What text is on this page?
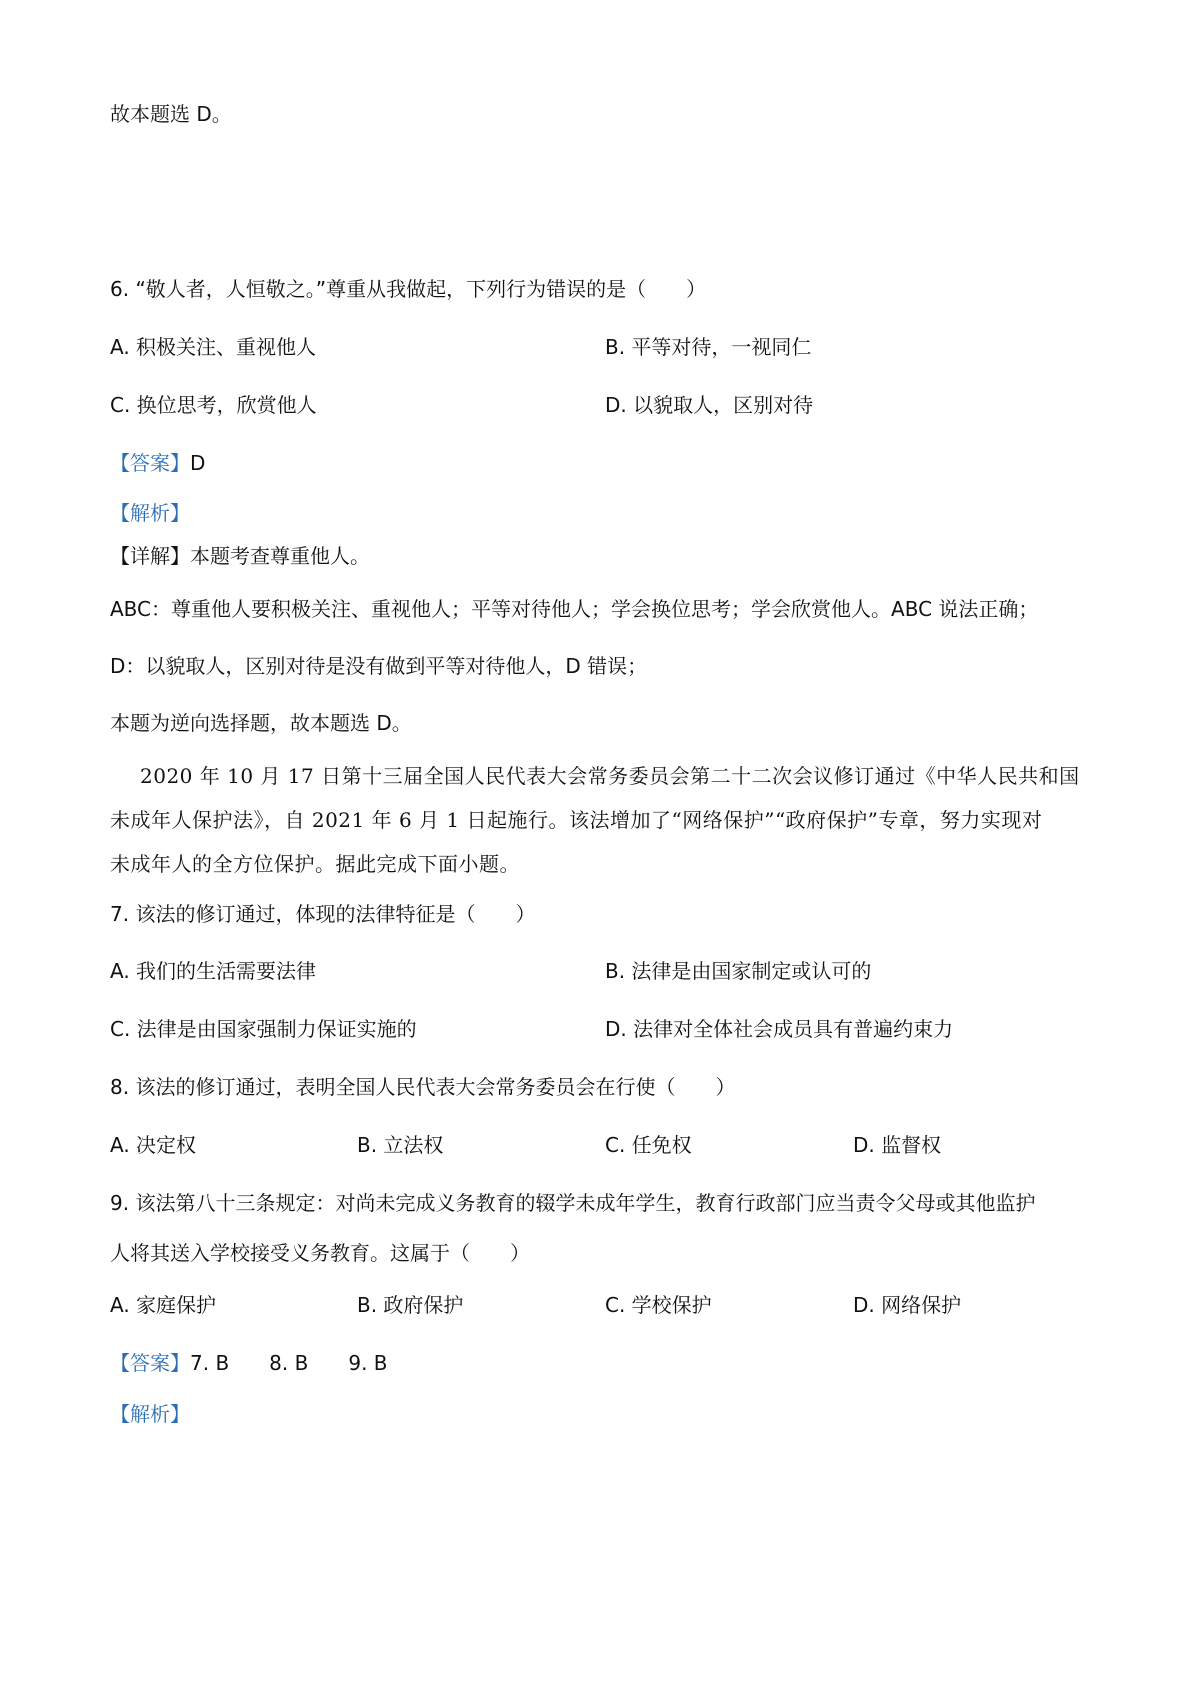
故本题选 D。
6. “敬人者，人恒敬之。”尊重从我做起，下列行为错误的是（　　）
A. 积极关注、重视他人	B. 平等对待，一视同仁
C. 换位思考，欣赏他人	D. 以貌取人，区别对待
【答案】D
【解析】
【详解】本题考查尊重他人。
ABC：尊重他人要积极关注、重视他人；平等对待他人；学会换位思考；学会欣赏他人。ABC 说法正确；
D：以貌取人，区别对待是没有做到平等对待他人，D 错误；
本题为逆向选择题，故本题选 D。
2020 年 10 月 17 日第十三届全国人民代表大会常务委员会第二十二次会议修订通过《中华人民共和国
未成年人保护法》，自 2021 年 6 月 1 日起施行。该法增加了“网络保护”“政府保护”专章，努力实现对
未成年人的全方位保护。据此完成下面小题。
7. 该法的修订通过，体现的法律特征是（　　）
A. 我们的生活需要法律	B. 法律是由国家制定或认可的
C. 法律是由国家强制力保证实施的	D. 法律对全体社会成员具有普遍约束力
8. 该法的修订通过，表明全国人民代表大会常务委员会在行使（　　）
A. 决定权	B. 立法权	C. 任免权	D. 监督权
9. 该法第八十三条规定：对尚未完成义务教育的辍学未成年学生，教育行政部门应当责令父母或其他监护
人将其送入学校接受义务教育。这属于（　　）
A. 家庭保护	B. 政府保护	C. 学校保护	D. 网络保护
【答案】7. B 8. B 9. B
【解析】
